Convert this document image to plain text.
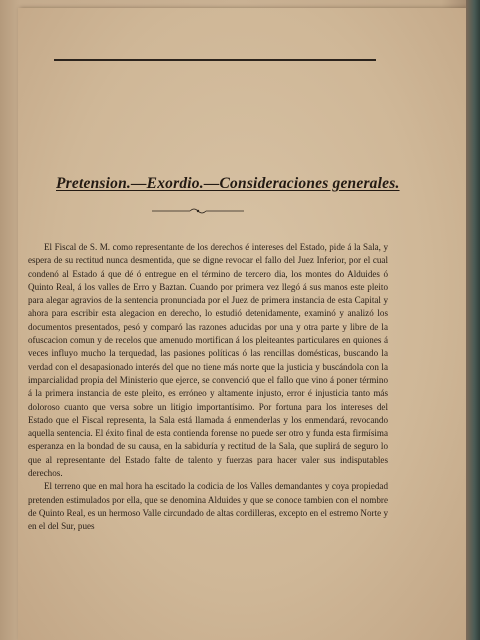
Pretension.—Exordio.—Consideraciones generales.

El Fiscal de S. M. como representante de los derechos é intereses del Estado, pide á la Sala, y espera de su rectitud nunca desmentida, que se digne revocar el fallo del Juez Inferior, por el cual condenó al Estado á que dé ó entregue en el término de tercero dia, los montes do Alduides ó Quinto Real, á los valles de Erro y Baztan. Cuando por primera vez llegó á sus manos este pleito para alegar agravios de la sentencia pronunciada por el Juez de primera instancia de esta Capital y ahora para escribir esta alegacion en derecho, lo estudió detenidamente, examinó y analizó los documentos presentados, pesó y comparó las razones aducidas por una y otra parte y libre de la ofuscacion comun y de recelos que amenudo mortifican á los pleiteantes particulares en quiones á veces influyo mucho la terquedad, las pasiones políticas ó las rencillas domésticas, buscando la verdad con el desapasionado interés del que no tiene más norte que la justicia y buscándola con la imparcialidad propia del Ministerio que ejerce, se convenció que el fallo que vino á poner término á la primera instancia de este pleito, es erróneo y altamente injusto, error é injusticia tanto más doloroso cuanto que versa sobre un litigio importantísimo. Por fortuna para los intereses del Estado que el Fiscal representa, la Sala está llamada á enmenderlas y los enmendará, revocando aquella sentencia. El éxito final de esta contienda forense no puede ser otro y funda esta firmísima esperanza en la bondad de su causa, en la sabiduría y rectitud de la Sala, que suplirá de seguro lo que al representante del Estado falte de talento y fuerzas para hacer valer sus indisputables derechos.

El terreno que en mal hora ha escitado la codicia de los Valles demandantes y coya propiedad pretenden estimulados por ella, que se denomina Alduides y que se conoce tambien con el nombre de Quinto Real, es un hermoso Valle circundado de altas cordilleras, excepto en el estremo Norte y en el del Sur, pues
